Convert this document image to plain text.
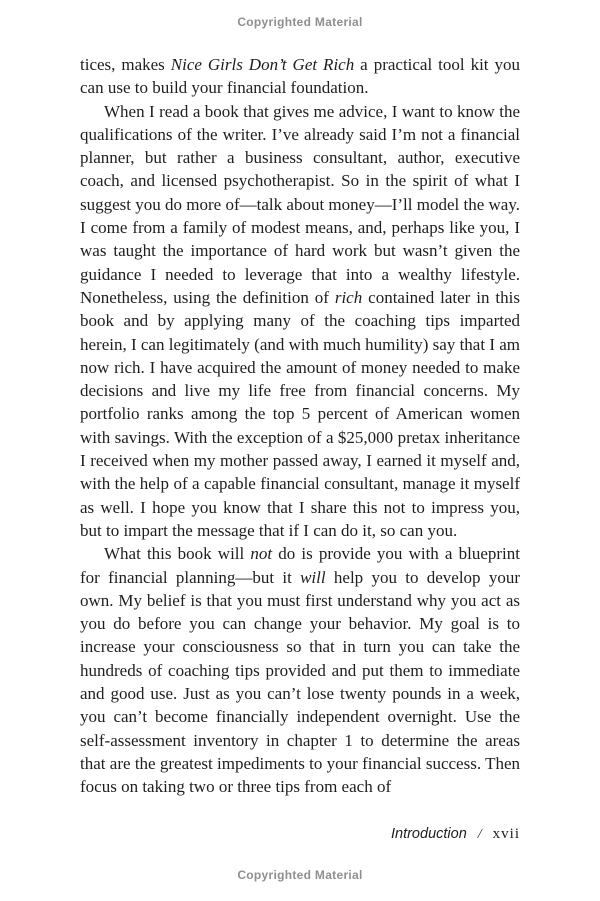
Copyrighted Material

tices, makes Nice Girls Don’t Get Rich a practical tool kit you can use to build your financial foundation.

When I read a book that gives me advice, I want to know the qualifications of the writer. I’ve already said I’m not a financial planner, but rather a business consultant, author, executive coach, and licensed psychotherapist. So in the spirit of what I suggest you do more of—talk about money—I’ll model the way. I come from a family of modest means, and, perhaps like you, I was taught the importance of hard work but wasn’t given the guidance I needed to leverage that into a wealthy lifestyle. Nonetheless, using the definition of rich contained later in this book and by applying many of the coaching tips imparted herein, I can legitimately (and with much humility) say that I am now rich. I have acquired the amount of money needed to make decisions and live my life free from financial concerns. My portfolio ranks among the top 5 percent of American women with savings. With the exception of a $25,000 pretax inheritance I received when my mother passed away, I earned it myself and, with the help of a capable financial consultant, manage it myself as well. I hope you know that I share this not to impress you, but to impart the message that if I can do it, so can you.

What this book will not do is provide you with a blueprint for financial planning—but it will help you to develop your own. My belief is that you must first understand why you act as you do before you can change your behavior. My goal is to increase your consciousness so that in turn you can take the hundreds of coaching tips provided and put them to immediate and good use. Just as you can’t lose twenty pounds in a week, you can’t become financially independent overnight. Use the self-assessment inventory in chapter 1 to determine the areas that are the greatest impediments to your financial success. Then focus on taking two or three tips from each of

Introduction / xvii
Copyrighted Material
